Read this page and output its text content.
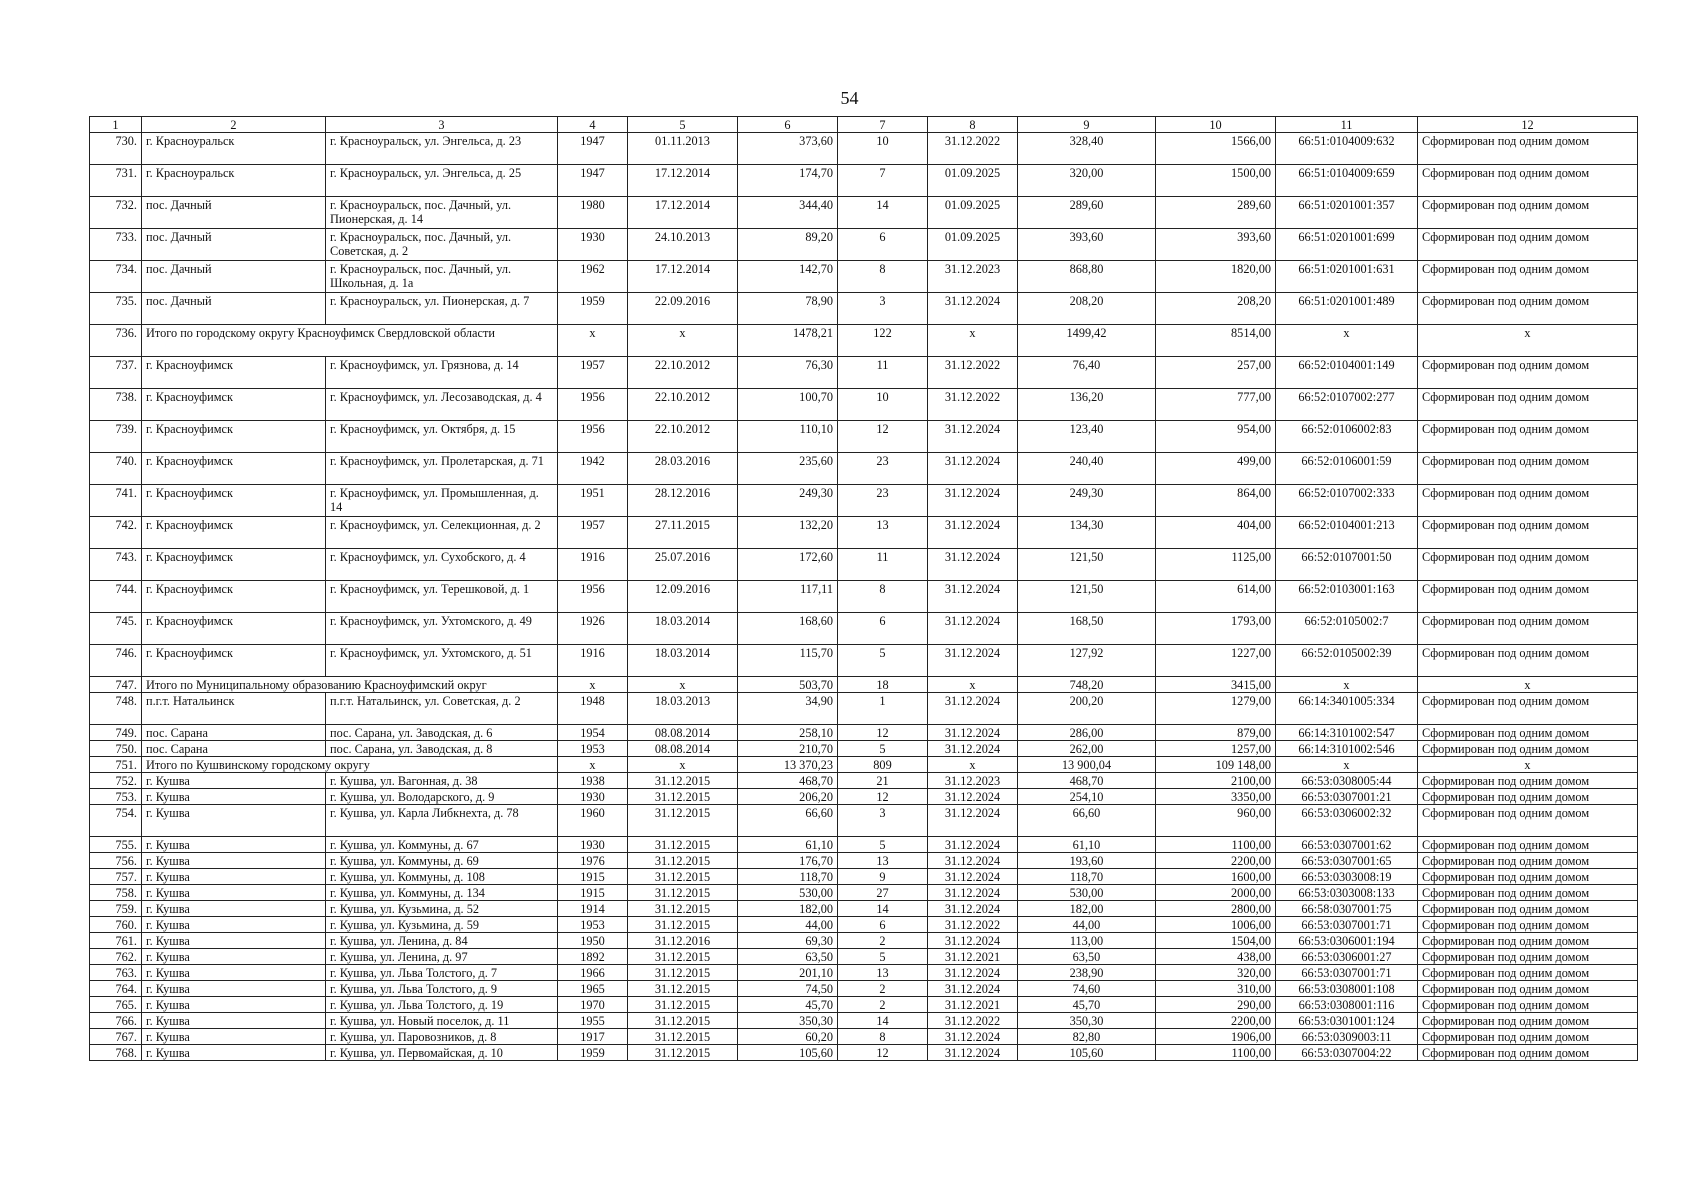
54
1	2	3	4	5	6	7	8	9	10	11	12
730.	г. Красноуральск	г. Красноуральск, ул. Энгельса, д. 23	1947	01.11.2013	373,60	10	31.12.2022	328,40	1566,00	66:51:0104009:632	Сформирован под одним домом
731.	г. Красноуральск	г. Красноуральск, ул. Энгельса, д. 25	1947	17.12.2014	174,70	7	01.09.2025	320,00	1500,00	66:51:0104009:659	Сформирован под одним домом
732.	пос. Дачный	г. Красноуральск, пос. Дачный, ул. Пионерская, д. 14	1980	17.12.2014	344,40	14	01.09.2025	289,60	289,60	66:51:0201001:357	Сформирован под одним домом
733.	пос. Дачный	г. Красноуральск, пос. Дачный, ул. Советская, д. 2	1930	24.10.2013	89,20	6	01.09.2025	393,60	393,60	66:51:0201001:699	Сформирован под одним домом
734.	пос. Дачный	г. Красноуральск, пос. Дачный, ул. Школьная, д. 1а	1962	17.12.2014	142,70	8	31.12.2023	868,80	1820,00	66:51:0201001:631	Сформирован под одним домом
735.	пос. Дачный	г. Красноуральск, ул. Пионерская, д. 7	1959	22.09.2016	78,90	3	31.12.2024	208,20	208,20	66:51:0201001:489	Сформирован под одним домом
736.	Итого по городскому округу Красноуфимск Свердловской области		х	х	1478,21	122	х	1499,42	8514,00	х	х
737.	г. Красноуфимск	г. Красноуфимск, ул. Грязнова, д. 14	1957	22.10.2012	76,30	11	31.12.2022	76,40	257,00	66:52:0104001:149	Сформирован под одним домом
738.	г. Красноуфимск	г. Красноуфимск, ул. Лесозаводская, д. 4	1956	22.10.2012	100,70	10	31.12.2022	136,20	777,00	66:52:0107002:277	Сформирован под одним домом
739.	г. Красноуфимск	г. Красноуфимск, ул. Октября, д. 15	1956	22.10.2012	110,10	12	31.12.2024	123,40	954,00	66:52:0106002:83	Сформирован под одним домом
740.	г. Красноуфимск	г. Красноуфимск, ул. Пролетарская, д. 71	1942	28.03.2016	235,60	23	31.12.2024	240,40	499,00	66:52:0106001:59	Сформирован под одним домом
741.	г. Красноуфимск	г. Красноуфимск, ул. Промышленная, д. 14	1951	28.12.2016	249,30	23	31.12.2024	249,30	864,00	66:52:0107002:333	Сформирован под одним домом
742.	г. Красноуфимск	г. Красноуфимск, ул. Селекционная, д. 2	1957	27.11.2015	132,20	13	31.12.2024	134,30	404,00	66:52:0104001:213	Сформирован под одним домом
743.	г. Красноуфимск	г. Красноуфимск, ул. Сухобского, д. 4	1916	25.07.2016	172,60	11	31.12.2024	121,50	1125,00	66:52:0107001:50	Сформирован под одним домом
744.	г. Красноуфимск	г. Красноуфимск, ул. Терешковой, д. 1	1956	12.09.2016	117,11	8	31.12.2024	121,50	614,00	66:52:0103001:163	Сформирован под одним домом
745.	г. Красноуфимск	г. Красноуфимск, ул. Ухтомского, д. 49	1926	18.03.2014	168,60	6	31.12.2024	168,50	1793,00	66:52:0105002:7	Сформирован под одним домом
746.	г. Красноуфимск	г. Красноуфимск, ул. Ухтомского, д. 51	1916	18.03.2014	115,70	5	31.12.2024	127,92	1227,00	66:52:0105002:39	Сформирован под одним домом
747.	Итого по Муниципальному образованию Красноуфимский округ		х	х	503,70	18	х	748,20	3415,00	х	х
748.	п.г.т. Натальинск	п.г.т. Натальинск, ул. Советская, д. 2	1948	18.03.2013	34,90	1	31.12.2024	200,20	1279,00	66:14:3401005:334	Сформирован под одним домом
749.	пос. Сарана	пос. Сарана, ул. Заводская, д. 6	1954	08.08.2014	258,10	12	31.12.2024	286,00	879,00	66:14:3101002:547	Сформирован под одним домом
750.	пос. Сарана	пос. Сарана, ул. Заводская, д. 8	1953	08.08.2014	210,70	5	31.12.2024	262,00	1257,00	66:14:3101002:546	Сформирован под одним домом
751.	Итого по Кушвинскому городскому округу		х	х	13 370,23	809	х	13 900,04	109 148,00	х	х
752.	г. Кушва	г. Кушва, ул. Вагонная, д. 38	1938	31.12.2015	468,70	21	31.12.2023	468,70	2100,00	66:53:0308005:44	Сформирован под одним домом
753.	г. Кушва	г. Кушва, ул. Володарского, д. 9	1930	31.12.2015	206,20	12	31.12.2024	254,10	3350,00	66:53:0307001:21	Сформирован под одним домом
754.	г. Кушва	г. Кушва, ул. Карла Либкнехта, д. 78	1960	31.12.2015	66,60	3	31.12.2024	66,60	960,00	66:53:0306002:32	Сформирован под одним домом
755.	г. Кушва	г. Кушва, ул. Коммуны, д. 67	1930	31.12.2015	61,10	5	31.12.2024	61,10	1100,00	66:53:0307001:62	Сформирован под одним домом
756.	г. Кушва	г. Кушва, ул. Коммуны, д. 69	1976	31.12.2015	176,70	13	31.12.2024	193,60	2200,00	66:53:0307001:65	Сформирован под одним домом
757.	г. Кушва	г. Кушва, ул. Коммуны, д. 108	1915	31.12.2015	118,70	9	31.12.2024	118,70	1600,00	66:53:0303008:19	Сформирован под одним домом
758.	г. Кушва	г. Кушва, ул. Коммуны, д. 134	1915	31.12.2015	530,00	27	31.12.2024	530,00	2000,00	66:53:0303008:133	Сформирован под одним домом
759.	г. Кушва	г. Кушва, ул. Кузьмина, д. 52	1914	31.12.2015	182,00	14	31.12.2024	182,00	2800,00	66:58:0307001:75	Сформирован под одним домом
760.	г. Кушва	г. Кушва, ул. Кузьмина, д. 59	1953	31.12.2015	44,00	6	31.12.2022	44,00	1006,00	66:53:0307001:71	Сформирован под одним домом
761.	г. Кушва	г. Кушва, ул. Ленина, д. 84	1950	31.12.2016	69,30	2	31.12.2024	113,00	1504,00	66:53:0306001:194	Сформирован под одним домом
762.	г. Кушва	г. Кушва, ул. Ленина, д. 97	1892	31.12.2015	63,50	5	31.12.2021	63,50	438,00	66:53:0306001:27	Сформирован под одним домом
763.	г. Кушва	г. Кушва, ул. Льва Толстого, д. 7	1966	31.12.2015	201,10	13	31.12.2024	238,90	320,00	66:53:0307001:71	Сформирован под одним домом
764.	г. Кушва	г. Кушва, ул. Льва Толстого, д. 9	1965	31.12.2015	74,50	2	31.12.2024	74,60	310,00	66:53:0308001:108	Сформирован под одним домом
765.	г. Кушва	г. Кушва, ул. Льва Толстого, д. 19	1970	31.12.2015	45,70	2	31.12.2021	45,70	290,00	66:53:0308001:116	Сформирован под одним домом
766.	г. Кушва	г. Кушва, ул. Новый поселок, д. 11	1955	31.12.2015	350,30	14	31.12.2022	350,30	2200,00	66:53:0301001:124	Сформирован под одним домом
767.	г. Кушва	г. Кушва, ул. Паровозников, д. 8	1917	31.12.2015	60,20	8	31.12.2024	82,80	1906,00	66:53:0309003:11	Сформирован под одним домом
768.	г. Кушва	г. Кушва, ул. Первомайская, д. 10	1959	31.12.2015	105,60	12	31.12.2024	105,60	1100,00	66:53:0307004:22	Сформирован под одним домом
